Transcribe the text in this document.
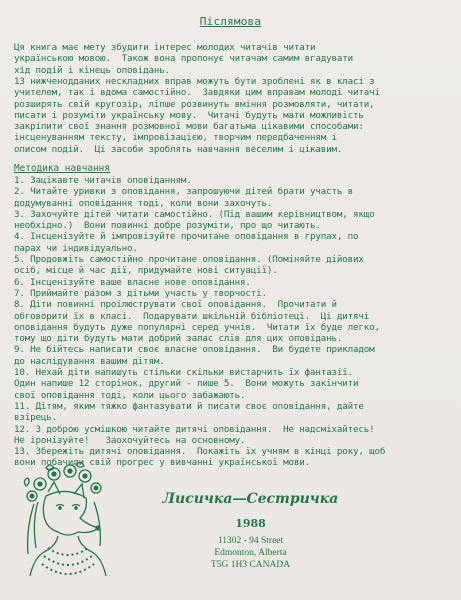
Післямова

Ця книга має мету збудити інтерес молодих читачів читати
українською мовою.  Також вона пропонує читачам самим вгадувати
хід подій і кінець оповідань.

13 нижченодданих нескладних вправ можуть бути зроблені як в класі з
учителем, так і вдома самостійно.  Завдяки цим вправам молоді читачі
розширять свій кругозір, ліпше розвинуть вміння розмовляти, читати,
писати і розуміти українську мову.  Читачі будуть мати можливість
закріпити свої знання розмовної мови багатьма цікавими способами:
інсценуванням тексту, імпровізацією, творчим передбаченням і
описом подій.  Ці засоби зроблять навчання веселим і цікавим.

Методика навчання
1. Зацікавте читачів оповіданням.
2. Читайте уривки з оповідання, запрошуючи дітей брати участь в
додумуванні оповідання тоді, коли вони захочуть.
3. Захочуйте дітей читати самостійно. (Під вашим керівництвом, якщо
необхідно.)  Вони повинні добре розуміти, про що читають.
4. Інсценізуйте й імпровізуйте прочитане оповідання в групах, по
парах чи індивідуально.
5. Продовжіть самостійно прочитане оповідання. (Поміняйте дійових
осіб, місце й час дії, придумайте нові ситуації).
6. Інсценізуйте ваше власне нове оповідання.
7. Приймайте разом з дітьми участь у творчості.
8. Діти повинні проілюструвати свої оповідання.  Прочитати й
обговорити їх в класі.  Подарувати шкільній бібліотеці.  Ці дитячі
оповідання будуть дуже популярні серед учнів.  Читати їх буде легко,
тому що діти будуть мати добрий запас слів для цих оповідань.
9. Не бійтесь написати своє власне оповідання.  Ви будете прикладом
до наслідування вашим дітям.
10. Нехай діти напишуть стільки скільки вистарчить їх фантазії.
Один напише 12 сторінок, другий - лише 5.  Вони можуть закінчити
свої оповідання тоді, коли цього забажають.
11. Дітям, яким тяжко фантазувати й писати своє оповідання, дайте
взірець.
12. З доброю усмішкою читайте дитячі оповідання.  Не надсміхайтесь!
Не іронізуйте!   Заохочуйтесь на основному.
13. Збережіть дитячі оповідання.  Покажіть їх учням в кінці року, щоб
вони побачили свій прогрес у вивчанні української мови.
Лисичка—Сестричка
1988
11302 - 94 Street
Edmonton, Alberta
T5G 1H3 CANADA
